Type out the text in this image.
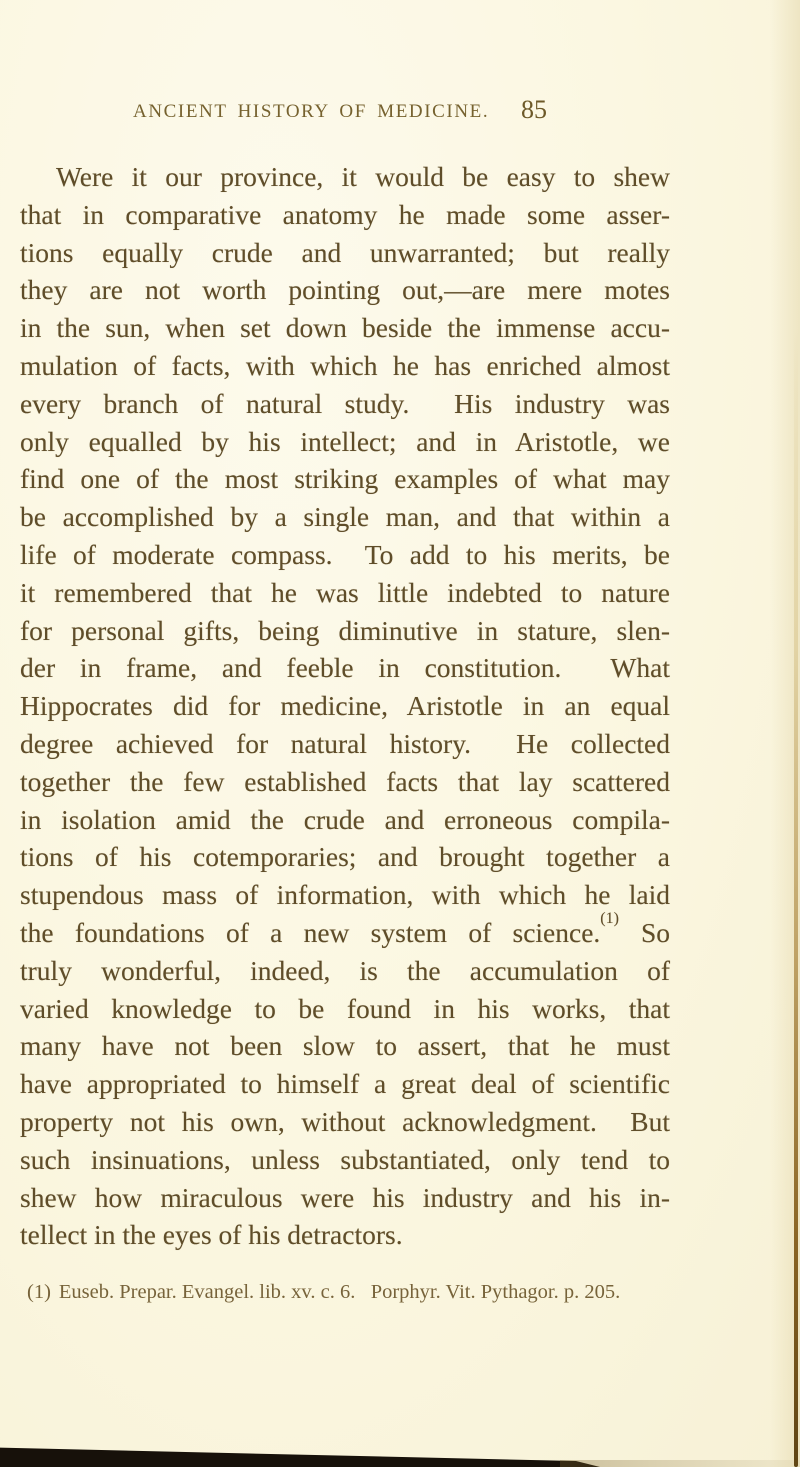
ANCIENT HISTORY OF MEDICINE. 85
Were it our province, it would be easy to shew
that in comparative anatomy he made some asser-
tions equally crude and unwarranted; but really
they are not worth pointing out,—are mere motes
in the sun, when set down beside the immense accu-
mulation of facts, with which he has enriched almost
every branch of natural study.  His industry was
only equalled by his intellect; and in Aristotle, we
find one of the most striking examples of what may
be accomplished by a single man, and that within a
life of moderate compass.  To add to his merits, be
it remembered that he was little indebted to nature
for personal gifts, being diminutive in stature, slen-
der in frame, and feeble in constitution.  What
Hippocrates did for medicine, Aristotle in an equal
degree achieved for natural history.  He collected
together the few established facts that lay scattered
in isolation amid the crude and erroneous compila-
tions of his cotemporaries; and brought together a
stupendous mass of information, with which he laid
the foundations of a new system of science.$^{(1)}$ So
truly wonderful, indeed, is the accumulation of
varied knowledge to be found in his works, that
many have not been slow to assert, that he must
have appropriated to himself a great deal of scientific
property not his own, without acknowledgment.  But
such insinuations, unless substantiated, only tend to
shew how miraculous were his industry and his in-
tellect in the eyes of his detractors.
(1) Euseb. Prepar. Evangel. lib. xv. c. 6.   Porphyr. Vit. Pythagor. p. 205.
